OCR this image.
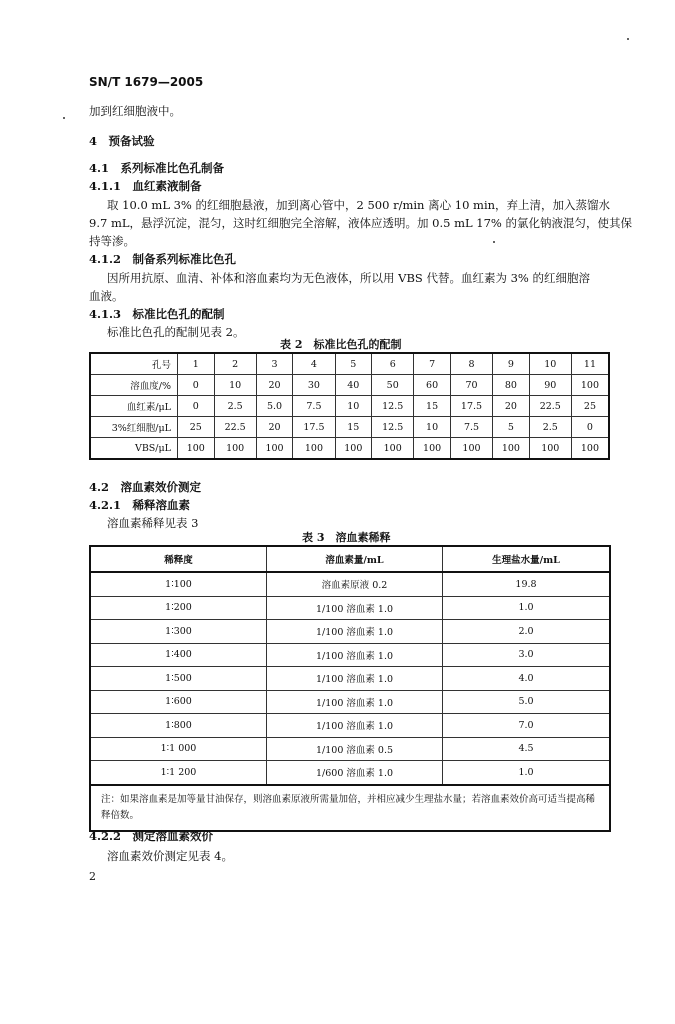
SN/T 1679—2005
加到红细胞液中。
4　预备试验
4.1　系列标准比色孔制备
4.1.1　血红素液制备
取 10.0 mL 3% 的红细胞悬液，加到离心管中，2 500 r/min 离心 10 min，弃上清，加入蒸馏水
9.7 mL，悬浮沉淀，混匀，这时红细胞完全溶解，液体应透明。加 0.5 mL 17% 的氯化钠液混匀，使其保
持等渗。
4.1.2　制备系列标准比色孔
因所用抗原、血清、补体和溶血素均为无色液体，所以用 VBS 代替。血红素为 3% 的红细胞溶
血液。
4.1.3　标准比色孔的配制
标准比色孔的配制见表 2。
表 2　标准比色孔的配制
孔号	1	2	3	4	5	6	7	8	9	10	11
溶血度/%	0	10	20	30	40	50	60	70	80	90	100
血红素/μL	0	2.5	5.0	7.5	10	12.5	15	17.5	20	22.5	25
3%红细胞/μL	25	22.5	20	17.5	15	12.5	10	7.5	5	2.5	0
VBS/μL	100	100	100	100	100	100	100	100	100	100	100
4.2　溶血素效价测定
4.2.1　稀释溶血素
溶血素稀释见表 3
表 3　溶血素稀释
稀释度	溶血素量/mL	生理盐水量/mL
1∶100	溶血素原液 0.2	19.8
1∶200	1/100 溶血素 1.0	1.0
1∶300	1/100 溶血素 1.0	2.0
1∶400	1/100 溶血素 1.0	3.0
1∶500	1/100 溶血素 1.0	4.0
1∶600	1/100 溶血素 1.0	5.0
1∶800	1/100 溶血素 1.0	7.0
1∶1 000	1/100 溶血素 0.5	4.5
1∶1 200	1/600 溶血素 1.0	1.0
注：如果溶血素是加等量甘油保存，则溶血素原液所需量加倍，并相应减少生理盐水量；若溶血素效价高可适当提高稀释倍数。		
4.2.2　测定溶血素效价
溶血素效价测定见表 4。
2
